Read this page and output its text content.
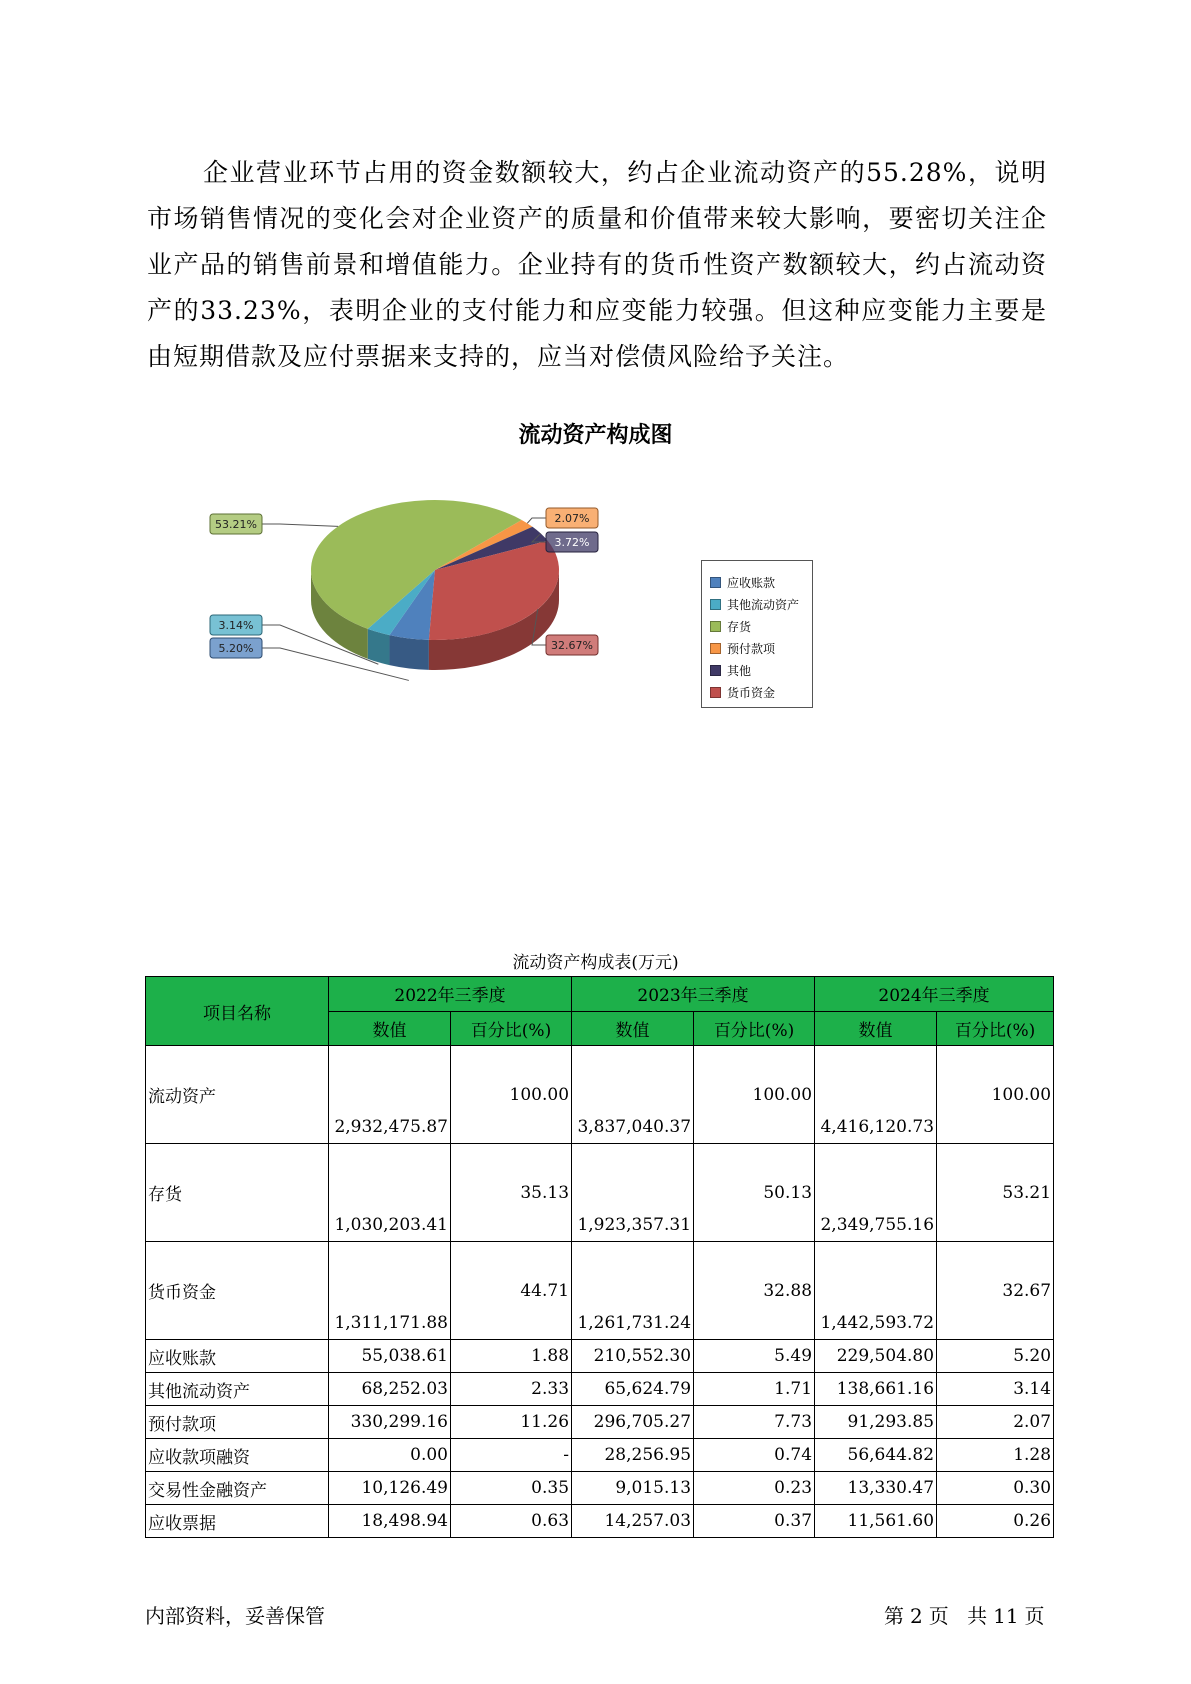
企业营业环节占用的资金数额较大，约占企业流动资产的55.28%，说明市场销售情况的变化会对企业资产的质量和价值带来较大影响，要密切关注企业产品的销售前景和增值能力。企业持有的货币性资产数额较大，约占流动资产的33.23%，表明企业的支付能力和应变能力较强。但这种应变能力主要是由短期借款及应付票据来支持的，应当对偿债风险给予关注。

流动资产构成图
5.20%
3.14%
53.21%	2.07%
3.72%
32.67%
应收账款
其他流动资产
存货
预付款项
其他
货币资金
流动资产构成表(万元)
项目名称	2022年三季度		2023年三季度		2024年三季度	
	数值	百分比(%)	数值	百分比(%)	数值	百分比(%)
流动资产	2,932,475.87	100.00	3,837,040.37	100.00	4,416,120.73	100.00
存货	1,030,203.41	35.13	1,923,357.31	50.13	2,349,755.16	53.21
货币资金	1,311,171.88	44.71	1,261,731.24	32.88	1,442,593.72	32.67
应收账款	55,038.61	1.88	210,552.30	5.49	229,504.80	5.20
其他流动资产	68,252.03	2.33	65,624.79	1.71	138,661.16	3.14
预付款项	330,299.16	11.26	296,705.27	7.73	91,293.85	2.07
应收款项融资	0.00	-	28,256.95	0.74	56,644.82	1.28
交易性金融资产	10,126.49	0.35	9,015.13	0.23	13,330.47	0.30
应收票据	18,498.94	0.63	14,257.03	0.37	11,561.60	0.26
内部资料，妥善保管	第 2 页 共 11 页
